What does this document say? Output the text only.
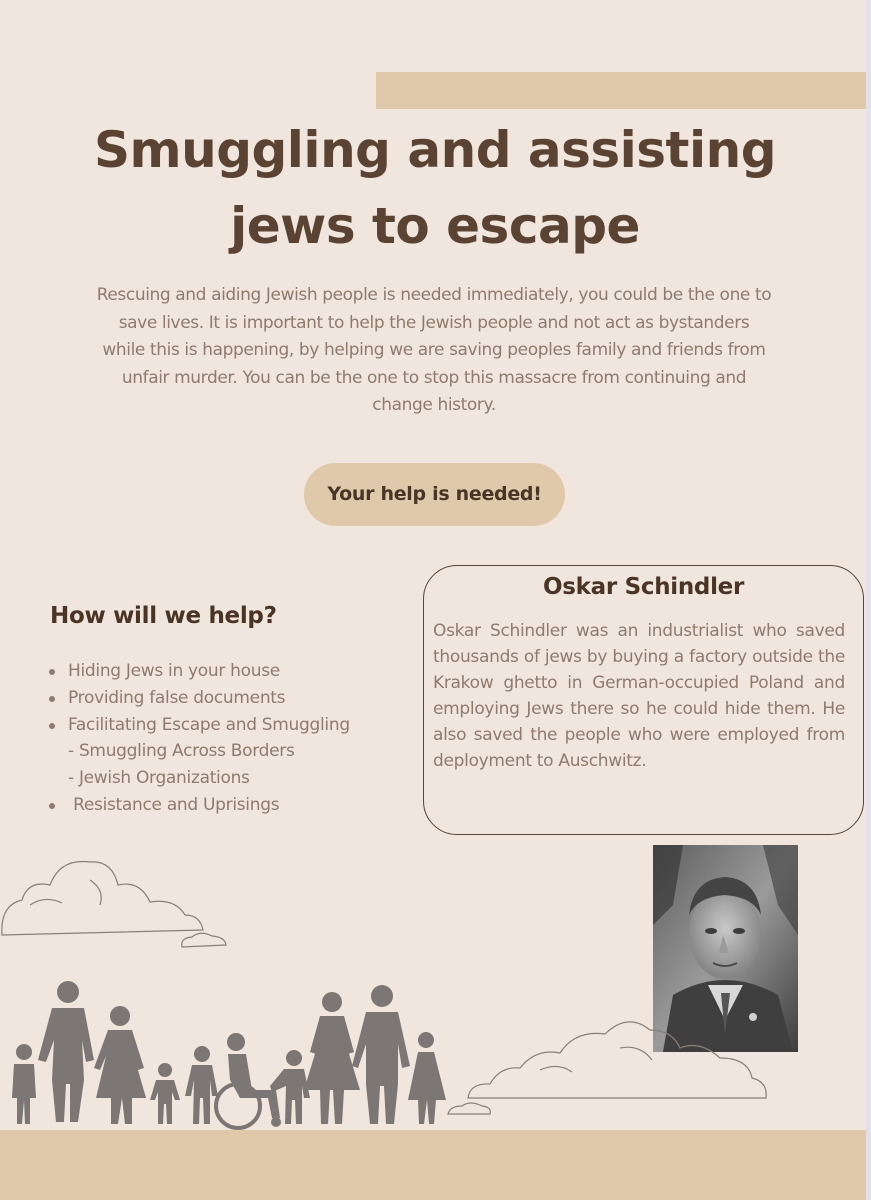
Smuggling and assisting
jews to escape

Rescuing and aiding Jewish people is needed immediately, you could be the one to save lives. It is important to help the Jewish people and not act as bystanders while this is happening, by helping we are saving peoples family and friends from unfair murder. You can be the one to stop this massacre from continuing and change history.

Your help is needed!
How will we help?
Hiding Jews in your house
Providing false documents
Facilitating Escape and Smuggling
- Smuggling Across Borders
- Jewish Organizations
Resistance and Uprisings
Oskar Schindler

Oskar Schindler was an industrialist who saved thousands of jews by buying a factory outside the Krakow ghetto in German-occupied Poland and employing Jews there so he could hide them. He also saved the people who were employed from deployment to Auschwitz.
